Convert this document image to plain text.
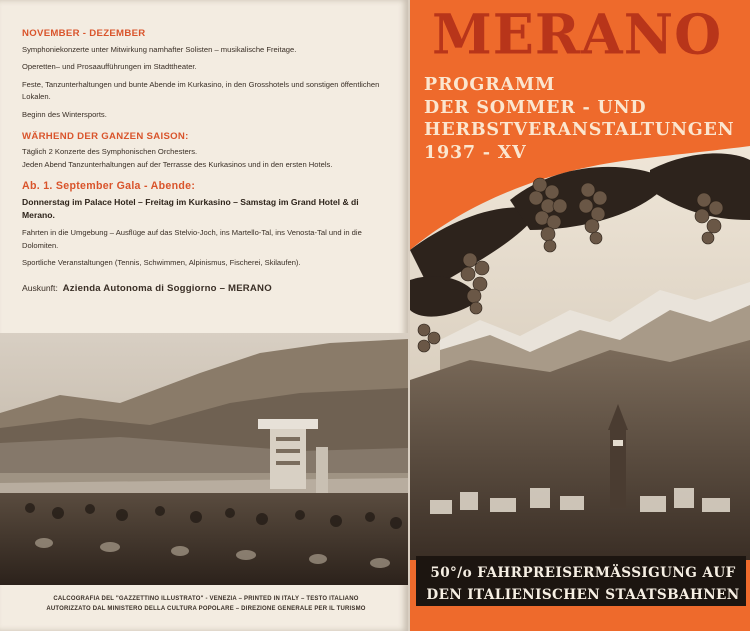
NOVEMBER - DEZEMBER

Symphoniekonzerte unter Mitwirkung namhafter Solisten – musikalische Freitage.

Operetten– und Prosaaufführungen im Stadttheater.

Feste, Tanzunterhaltungen und bunte Abende im Kurkasino, in den Grosshotels und sonstigen öffentlichen Lokalen.

Beginn des Wintersports.

WÄRHEND DER GANZEN SAISON:

Täglich 2 Konzerte des Symphonischen Orchesters.

Jeden Abend Tanzunterhaltungen auf der Terrasse des Kurkasinos und in den ersten Hotels.

Ab. 1. September Gala - Abende:

Donnerstag im Palace Hotel – Freitag im Kurkasino – Samstag im Grand Hotel & di Merano.

Fahrten in die Umgebung – Ausflüge auf das Stelvio-Joch, ins Martello-Tal, ins Venosta-Tal und in die Dolomiten.

Sportliche Veranstaltungen (Tennis, Schwimmen, Alpinismus, Fischerei, Skilaufen).

Auskunft: Azienda Autonoma di Soggiorno – MERANO

CALCOGRAFIA DEL "GAZZETTINO ILLUSTRATO" - VENEZIA – PRINTED IN ITALY – TESTO ITALIANO
AUTORIZZATO DAL MINISTERO DELLA CULTURA POPOLARE – DIREZIONE GENERALE PER IL TURISMO
MERANO
PROGRAMM
DER SOMMER - UND
HERBSTVERANSTALTUNGEN
1937 - XV
50°/o FAHRPREISERMÄSSIGUNG AUF
DEN ITALIENISCHEN STAATSBAHNEN
